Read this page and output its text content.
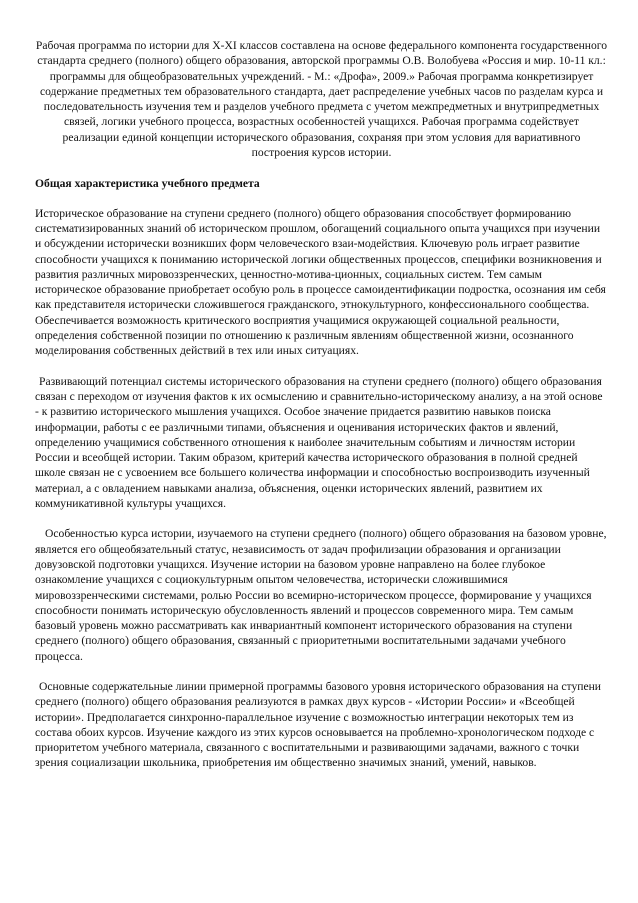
Рабочая программа по истории для X-XI классов составлена на основе федерального компонента государственного стандарта среднего (полного) общего образования, авторской программы О.В. Волобуева «Россия и мир. 10-11 кл.: программы для общеобразовательных учреждений. - М.: «Дрофа», 2009.» Рабочая программа конкретизирует содержание предметных тем образовательного стандарта, дает распределение учебных часов по разделам курса и последовательность изучения тем и разделов учебного предмета с учетом межпредметных и внутрипредметных связей, логики учебного процесса, возрастных особенностей учащихся. Рабочая программа содействует реализации единой концепции исторического образования, сохраняя при этом условия для вариативного построения курсов истории.

Общая характеристика учебного предмета

Историческое образование на ступени среднего (полного) общего образования способствует формированию систематизированных знаний об историческом прошлом, обогащений социального опыта учащихся при изучении и обсуждении исторически возникших форм человеческого взаи-модействия. Ключевую роль играет развитие способности учащихся к пониманию исторической логики общественных процессов, специфики возникновения и развития различных мировоззренческих, ценностно-мотива-ционных, социальных систем. Тем самым историческое образование приобретает особую роль в процессе самоидентификации подростка, осознания им себя как представителя исторически сложившегося гражданского, этнокультурного, конфессионального сообщества. Обеспечивается возможность критического восприятия учащимися окружающей социальной реальности, определения собственной позиции по отношению к различным явлениям общественной жизни, осознанного моделирования собственных действий в тех или иных ситуациях.

Развивающий потенциал системы исторического образования на ступени среднего (полного) общего образования связан с переходом от изучения фактов к их осмыслению и сравнительно-историческому анализу, а на этой основе - к развитию исторического мышления учащихся. Особое значение придается развитию навыков поиска информации, работы с ее различными типами, объяснения и оценивания исторических фактов и явлений, определению учащимися собственного отношения к наиболее значительным событиям и личностям истории России и всеобщей истории. Таким образом, критерий качества исторического образования в полной средней школе связан не с усвоением все большего количества информации и способностью воспроизводить изученный материал, а с овладением навыками анализа, объяснения, оценки исторических явлений, развитием их коммуникативной культуры учащихся.

Особенностью курса истории, изучаемого на ступени среднего (полного) общего образования на базовом уровне, является его общеобязательный статус, независимость от задач профилизации образования и организации довузовской подготовки учащихся. Изучение истории на базовом уровне направлено на более глубокое ознакомление учащихся с социокультурным опытом человечества, исторически сложившимися мировоззренческими системами, ролью России во всемирно-историческом процессе, формирование у учащихся способности понимать историческую обусловленность явлений и процессов современного мира. Тем самым базовый уровень можно рассматривать как инвариантный компонент исторического образования на ступени среднего (полного) общего образования, связанный с приоритетными воспитательными задачами учебного процесса.

Основные содержательные линии примерной программы базового уровня исторического образования на ступени среднего (полного) общего образования реализуются в рамках двух курсов - «Истории России» и «Всеобщей истории». Предполагается синхронно-параллельное изучение с возможностью интеграции некоторых тем из состава обоих курсов. Изучение каждого из этих курсов основывается на проблемно-хронологическом подходе с приоритетом учебного материала, связанного с воспитательными и развивающими задачами, важного с точки зрения социализации школьника, приобретения им общественно значимых знаний, умений, навыков.
